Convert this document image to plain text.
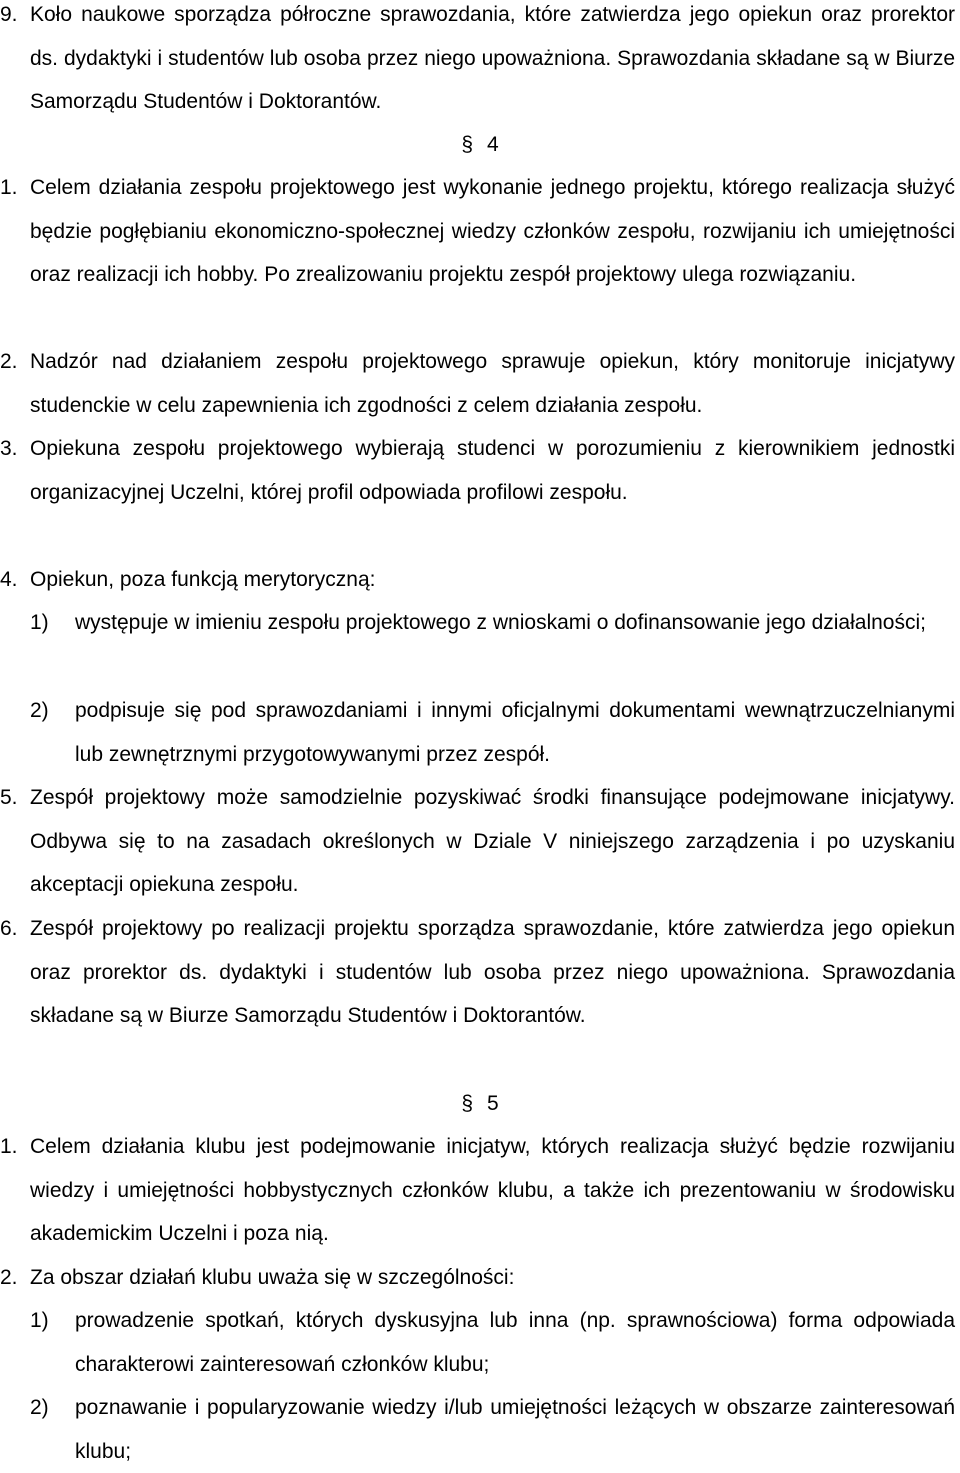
9. Koło naukowe sporządza półroczne sprawozdania, które zatwierdza jego opiekun oraz prorektor ds. dydaktyki i studentów lub osoba przez niego upoważniona. Sprawozdania składane są w Biurze Samorządu Studentów i Doktorantów.
§ 4
1. Celem działania zespołu projektowego jest wykonanie jednego projektu, którego realizacja służyć będzie pogłębianiu ekonomiczno-społecznej wiedzy członków zespołu, rozwijaniu ich umiejętności oraz realizacji ich hobby. Po zrealizowaniu projektu zespół projektowy ulega rozwiązaniu.
2. Nadzór nad działaniem zespołu projektowego sprawuje opiekun, który monitoruje inicjatywy studenckie w celu zapewnienia ich zgodności z celem działania zespołu.
3. Opiekuna zespołu projektowego wybierają studenci w porozumieniu z kierownikiem jednostki organizacyjnej Uczelni, której profil odpowiada profilowi zespołu.
4. Opiekun, poza funkcją merytoryczną:
1) występuje w imieniu zespołu projektowego z wnioskami o dofinansowanie jego działalności;
2) podpisuje się pod sprawozdaniami i innymi oficjalnymi dokumentami wewnątrzuczelnianymi lub zewnętrznymi przygotowywanymi przez zespół.
5. Zespół projektowy może samodzielnie pozyskiwać środki finansujące podejmowane inicjatywy. Odbywa się to na zasadach określonych w Dziale V niniejszego zarządzenia i po uzyskaniu akceptacji opiekuna zespołu.
6. Zespół projektowy po realizacji projektu sporządza sprawozdanie, które zatwierdza jego opiekun oraz prorektor ds. dydaktyki i studentów lub osoba przez niego upoważniona. Sprawozdania składane są w Biurze Samorządu Studentów i Doktorantów.
§ 5
1. Celem działania klubu jest podejmowanie inicjatyw, których realizacja służyć będzie rozwijaniu wiedzy i umiejętności hobbystycznych członków klubu, a także ich prezentowaniu w środowisku akademickim Uczelni i poza nią.
2. Za obszar działań klubu uważa się w szczególności:
1) prowadzenie spotkań, których dyskusyjna lub inna (np. sprawnościowa) forma odpowiada charakterowi zainteresowań członków klubu;
2) poznawanie i popularyzowanie wiedzy i/lub umiejętności leżących w obszarze zainteresowań klubu;
